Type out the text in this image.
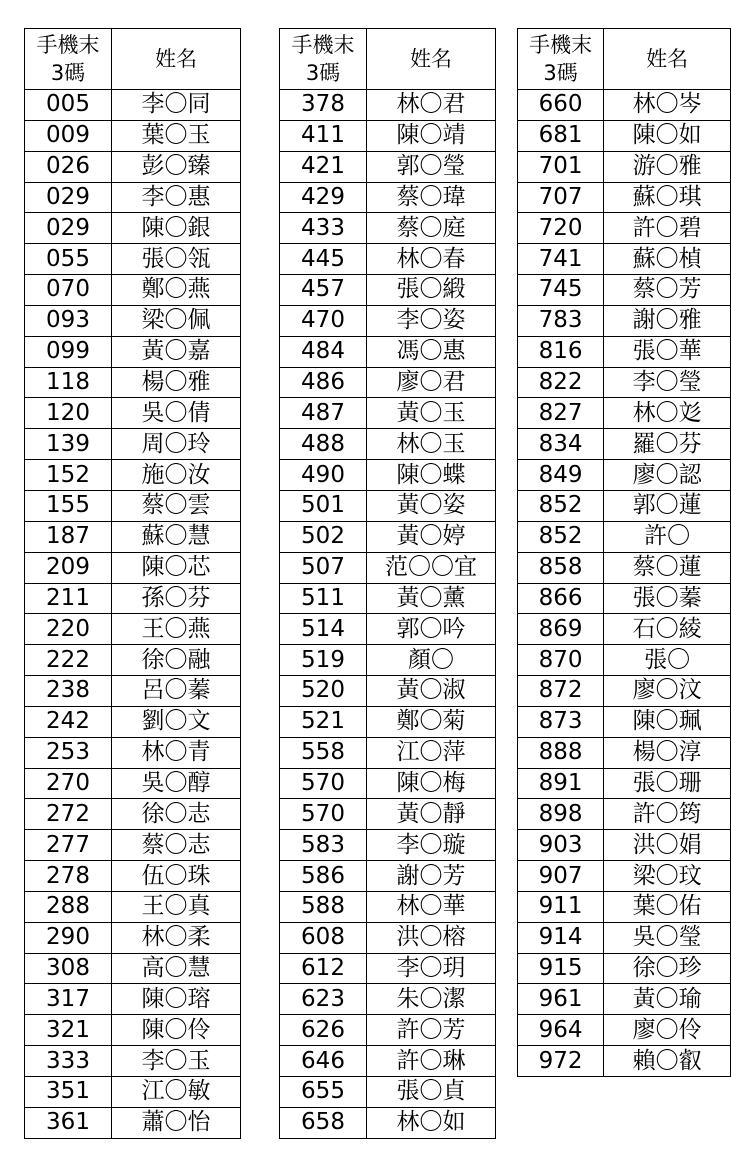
手機末
3碼	姓名
005	李〇同
009	葉〇玉
026	彭〇臻
029	李〇惠
029	陳〇銀
055	張〇瓴
070	鄭〇燕
093	梁〇佩
099	黃〇嘉
118	楊〇雅
120	吳〇倩
139	周〇玲
152	施〇汝
155	蔡〇雲
187	蘇〇慧
209	陳〇芯
211	孫〇芬
220	王〇燕
222	徐〇融
238	呂〇蓁
242	劉〇文
253	林〇青
270	吳〇醇
272	徐〇志
277	蔡〇志
278	伍〇珠
288	王〇真
290	林〇柔
308	高〇慧
317	陳〇瑢
321	陳〇伶
333	李〇玉
351	江〇敏
361	蕭〇怡
手機末
3碼	姓名
378	林〇君
411	陳〇靖
421	郭〇瑩
429	蔡〇瑋
433	蔡〇庭
445	林〇春
457	張〇緞
470	李〇姿
484	馮〇惠
486	廖〇君
487	黃〇玉
488	林〇玉
490	陳〇蝶
501	黃〇姿
502	黃〇婷
507	范〇〇宜
511	黃〇薰
514	郭〇吟
519	顏〇
520	黃〇淑
521	鄭〇菊
558	江〇萍
570	陳〇梅
570	黃〇靜
583	李〇璇
586	謝〇芳
588	林〇華
608	洪〇榕
612	李〇玥
623	朱〇潔
626	許〇芳
646	許〇琳
655	張〇貞
658	林〇如
手機末
3碼	姓名
660	林〇岑
681	陳〇如
701	游〇雅
707	蘇〇琪
720	許〇碧
741	蘇〇楨
745	蔡〇芳
783	謝〇雅
816	張〇華
822	李〇瑩
827	林〇彣
834	羅〇芬
849	廖〇認
852	郭〇蓮
852	許〇
858	蔡〇蓮
866	張〇蓁
869	石〇綾
870	張〇
872	廖〇汶
873	陳〇珮
888	楊〇淳
891	張〇珊
898	許〇筠
903	洪〇娟
907	梁〇玟
911	葉〇佑
914	吳〇瑩
915	徐〇珍
961	黃〇瑜
964	廖〇伶
972	賴〇叡
